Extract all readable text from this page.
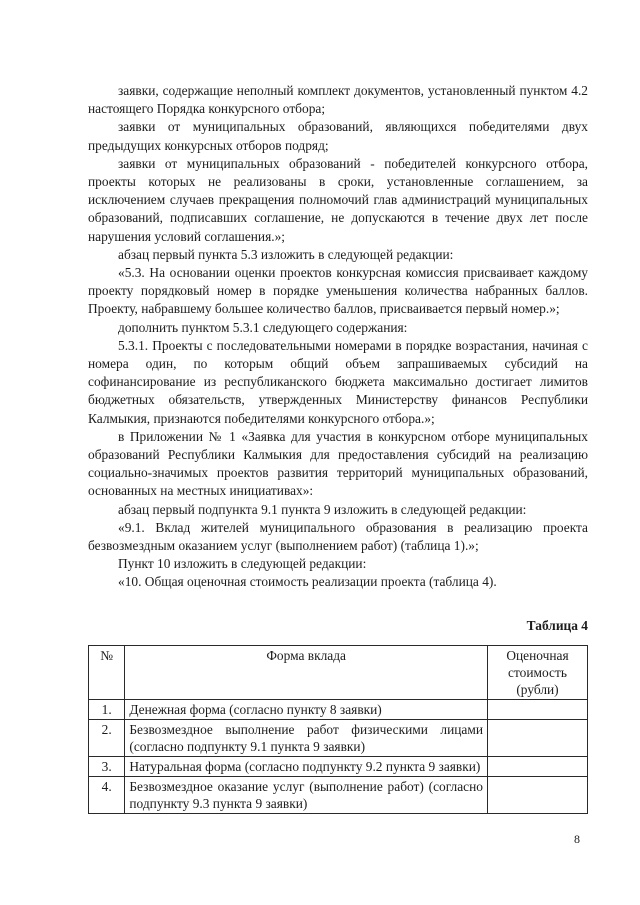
заявки, содержащие неполный комплект документов, установленный пунктом 4.2 настоящего Порядка конкурсного отбора;

заявки от муниципальных образований, являющихся победителями двух предыдущих конкурсных отборов подряд;

заявки от муниципальных образований - победителей конкурсного отбора, проекты которых не реализованы в сроки, установленные соглашением, за исключением случаев прекращения полномочий глав администраций муниципальных образований, подписавших соглашение, не допускаются в течение двух лет после нарушения условий соглашения.»;

абзац первый пункта 5.3 изложить в следующей редакции:

«5.3. На основании оценки проектов конкурсная комиссия присваивает каждому проекту порядковый номер в порядке уменьшения количества набранных баллов. Проекту, набравшему большее количество баллов, присваивается первый номер.»;

дополнить пунктом 5.3.1 следующего содержания:

5.3.1. Проекты с последовательными номерами в порядке возрастания, начиная с номера один, по которым общий объем запрашиваемых субсидий на софинансирование из республиканского бюджета максимально достигает лимитов бюджетных обязательств, утвержденных Министерству финансов Республики Калмыкия, признаются победителями конкурсного отбора.»;

в Приложении № 1 «Заявка для участия в конкурсном отборе муниципальных образований Республики Калмыкия для предоставления субсидий на реализацию социально-значимых проектов развития территорий муниципальных образований, основанных на местных инициативах»:

абзац первый подпункта 9.1 пункта 9 изложить в следующей редакции:

«9.1. Вклад жителей муниципального образования в реализацию проекта безвозмездным оказанием услуг (выполнением работ) (таблица 1).»;

Пункт 10 изложить в следующей редакции:

«10. Общая оценочная стоимость реализации проекта (таблица 4).

Таблица 4
№	Форма вклада	Оценочная стоимость (рубли)
1.	Денежная форма (согласно пункту 8 заявки)	
2.	Безвозмездное выполнение работ физическими лицами (согласно подпункту 9.1 пункта 9 заявки)	
3.	Натуральная форма (согласно подпункту 9.2 пункта 9 заявки)	
4.	Безвозмездное оказание услуг (выполнение работ) (согласно подпункту 9.3 пункта 9 заявки)	
8
